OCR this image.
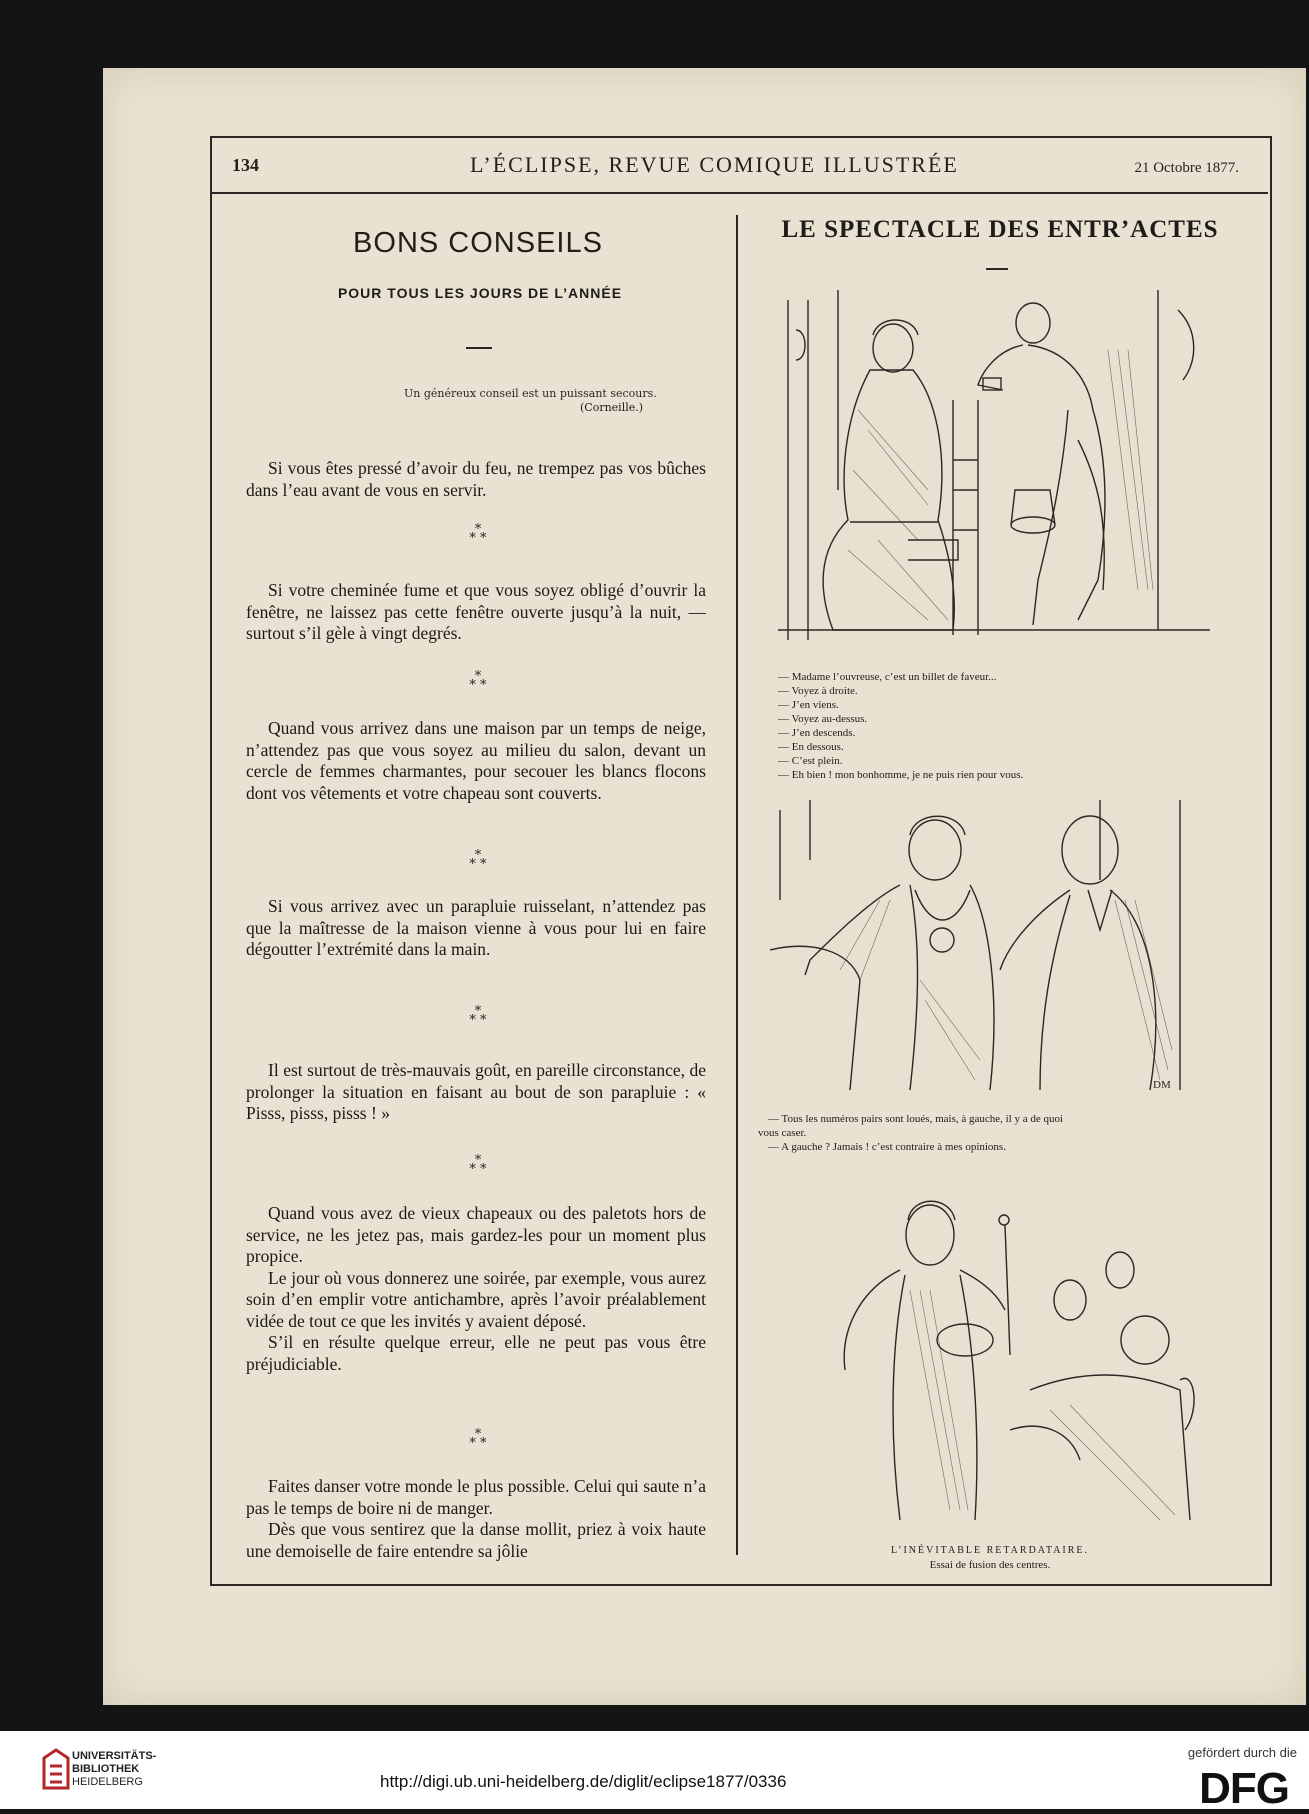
134	L’ÉCLIPSE, REVUE COMIQUE ILLUSTRÉE	21 Octobre 1877.
BONS CONSEILS
POUR TOUS LES JOURS DE L’ANNÉE
Un généreux conseil est un puissant secours.
(Corneille.)

Si vous êtes pressé d’avoir du feu, ne trempez pas vos bûches dans l’eau avant de vous en servir.

*
* *

Si votre cheminée fume et que vous soyez obligé d’ouvrir la fenêtre, ne laissez pas cette fenêtre ouverte jusqu’à la nuit, — surtout s’il gèle à vingt degrés.

*
* *

Quand vous arrivez dans une maison par un temps de neige, n’attendez pas que vous soyez au milieu du salon, devant un cercle de femmes charmantes, pour secouer les blancs flocons dont vos vêtements et votre chapeau sont couverts.

*
* *

Si vous arrivez avec un parapluie ruisselant, n’attendez pas que la maîtresse de la maison vienne à vous pour lui en faire dégoutter l’extrémité dans la main.

*
* *

Il est surtout de très-mauvais goût, en pareille circonstance, de prolonger la situation en faisant au bout de son parapluie : « Pisss, pisss, pisss ! »

*
* *

Quand vous avez de vieux chapeaux ou des paletots hors de service, ne les jetez pas, mais gardez-les pour un moment plus propice.

Le jour où vous donnerez une soirée, par exemple, vous aurez soin d’en emplir votre antichambre, après l’avoir préalablement vidée de tout ce que les invités y avaient déposé.

S’il en résulte quelque erreur, elle ne peut pas vous être préjudiciable.

*
* *

Faites danser votre monde le plus possible. Celui qui saute n’a pas le temps de boire ni de manger.

Dès que vous sentirez que la danse mollit, priez à voix haute une demoiselle de faire entendre sa jôlie

LE SPECTACLE DES ENTR’ACTES
— Madame l’ouvreuse, c’est un billet de faveur...
— Voyez à droite.
— J’en viens.
— Voyez au-dessus.
— J’en descends.
— En dessous.
— C’est plein.
— Eh bien ! mon bonhomme, je ne puis rien pour vous.
DM
— Tous les numéros pairs sont loués, mais, à gauche, il y a de quoi
vous caser.
— A gauche ? Jamais ! c’est contraire à mes opinions.
L’INÉVITABLE RETARDATAIRE.
Essai de fusion des centres.
UNIVERSITÄTS-
BIBLIOTHEK
HEIDELBERG	http://digi.ub.uni-heidelberg.de/diglit/eclipse1877/0336
gefördert durch die
DFG
